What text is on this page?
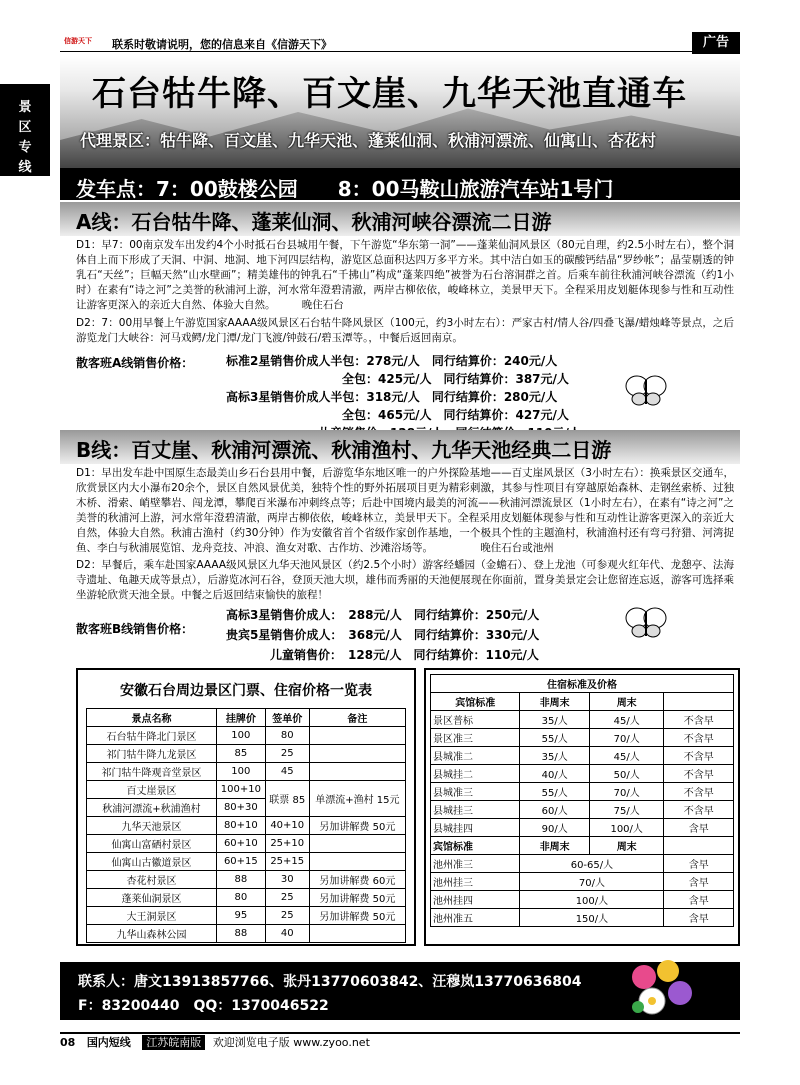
信游天下	联系时敬请说明，您的信息来自《信游天下》	广告
景区专线
石台牯牛降、百文崖、九华天池直通车
代理景区：牯牛降、百文崖、九华天池、蓬莱仙洞、秋浦河漂流、仙寓山、杏花村
发车点：7：00鼓楼公园　　8：00马鞍山旅游汽车站1号门
A线：石台牯牛降、蓬莱仙洞、秋浦河峡谷漂流二日游
D1：早7：00南京发车出发约4个小时抵石台县城用午餐，下午游览“华东第一洞”——蓬莱仙洞风景区（80元自理，约2.5小时左右），整个洞体自上而下形成了天洞、中洞、地洞、地下河四层结构，游览区总面积达四万多平方米。其中洁白如玉的碳酸钙结晶“罗纱帐”；晶莹剔透的钟乳石“天丝”；巨幅天然“山水壁画”；精美雄伟的钟乳石“千拂山”构成“蓬莱四绝”被誉为石台溶洞群之首。后乘车前往秋浦河峡谷漂流（约1小时）在素有“诗之河”之美誉的秋浦河上游，河水常年澄碧清澈，两岸古柳依依，峻峰林立，美景甲天下。全程采用皮划艇体现参与性和互动性让游客更深入的亲近大自然、体验大自然。　　　晚住石台
D2：7：00用早餐上午游览国家AAAA级风景区石台牯牛降风景区（100元，约3小时左右）：严家古村/情人谷/四叠飞瀑/蜡烛峰等景点，之后游览龙门大峡谷：河马戏鳄/龙门潭/龙门飞渡/钟鼓石/碧玉潭等。，中餐后返回南京。
散客班A线销售价格：	标准2星销售价成人半包：278元/人　 同行结算价：240元/人
全包：425元/人　 同行结算价：387元/人
高标3星销售价成人半包：318元/人　 同行结算价：280元/人
全包：465元/人　 同行结算价：427元/人

B线：百丈崖、秋浦河漂流、秋浦渔村、九华天池经典二日游
D1：早出发车赴中国原生态最美山乡石台县用中餐，后游览华东地区唯一的户外探险基地——百丈崖风景区（3小时左右）：换乘景区交通车，欣赏景区内大小瀑布20余个，景区自然风景优美，独特个性的野外拓展项目更为精彩刺激，其参与性项目有穿越原始森林、走钢丝索桥、过独木桥、滑索、峭壁攀岩、闯龙潭，攀爬百米瀑布冲刺终点等；后赴中国境内最美的河流——秋浦河漂流景区（1小时左右），在素有“诗之河”之美誉的秋浦河上游，河水常年澄碧清澈，两岸古柳依依，峻峰林立，美景甲天下。全程采用皮划艇体现参与性和互动性让游客更深入的亲近大自然，体验大自然。秋浦古渔村（约30分钟）作为安徽省首个省级作家创作基地，一个极具个性的主题渔村，秋浦渔村还有弯弓狩猎、河湾捉鱼、李白与秋浦展览馆、龙舟竞技、冲浪、渔女对歌、古作坊、沙滩浴场等。　　　　　晚住石台或池州
D2：早餐后，乘车赴国家AAAA级风景区九华天池风景区（约2.5个小时）游客经蟠园（金蟾石）、登上龙池（可参观火红年代、龙憩亭、法海寺遗址、龟趣天成等景点），后游览冰河石谷，登顶天池大坝，雄伟而秀丽的天池便展现在你面前，置身美景定会让您留连忘返，游客可选择乘坐游轮欣赏天池全景。中餐之后返回结束愉快的旅程！
散客班B线销售价格：
高标3星销售价成人：　 288元/人　 同行结算价：250元/人
贵宾5星销售价成人：　 368元/人　 同行结算价：330元/人
儿童销售价：　 128元/人　 同行结算价：110元/人
安徽石台周边景区门票、住宿价格一览表
景点名称	挂牌价	签单价	备注
石台牯牛降北门景区	100	80	
祁门牯牛降九龙景区	85	25	
祁门牯牛降观音堂景区	100	45	
百丈崖景区	100+10	联票 85	单漂流+渔村 15元
秋浦河漂流+秋浦渔村	80+30		
九华天池景区	80+10	40+10	另加讲解费 50元
仙寓山富硒村景区	60+10	25+10	
仙寓山古徽道景区	60+15	25+15	
杏花村景区	88	30	另加讲解费 60元
蓬莱仙洞景区	80	25	另加讲解费 50元
大王洞景区	95	25	另加讲解费 50元
九华山森林公园	88	40	
住宿标准及价格			
宾馆标准	非周末	周末	
景区普标	35/人	45/人	不含早
景区准三	55/人	70/人	不含早
县城准二	35/人	45/人	不含早
县城挂二	40/人	50/人	不含早
县城准三	55/人	70/人	不含早
县城挂三	60/人	75/人	不含早
县城挂四	90/人	100/人	含早
宾馆标准	非周末	周末	
池州准三	60-65/人		含早
池州挂三	70/人		含早
池州挂四	100/人		含早
池州准五	150/人		含早
联系人：唐文13913857766、张丹13770603842、汪穆岚13770636804
F：83200440　QQ：1370046522
08 国内短线 江苏皖南版 欢迎浏览电子版 www.zyoo.net
